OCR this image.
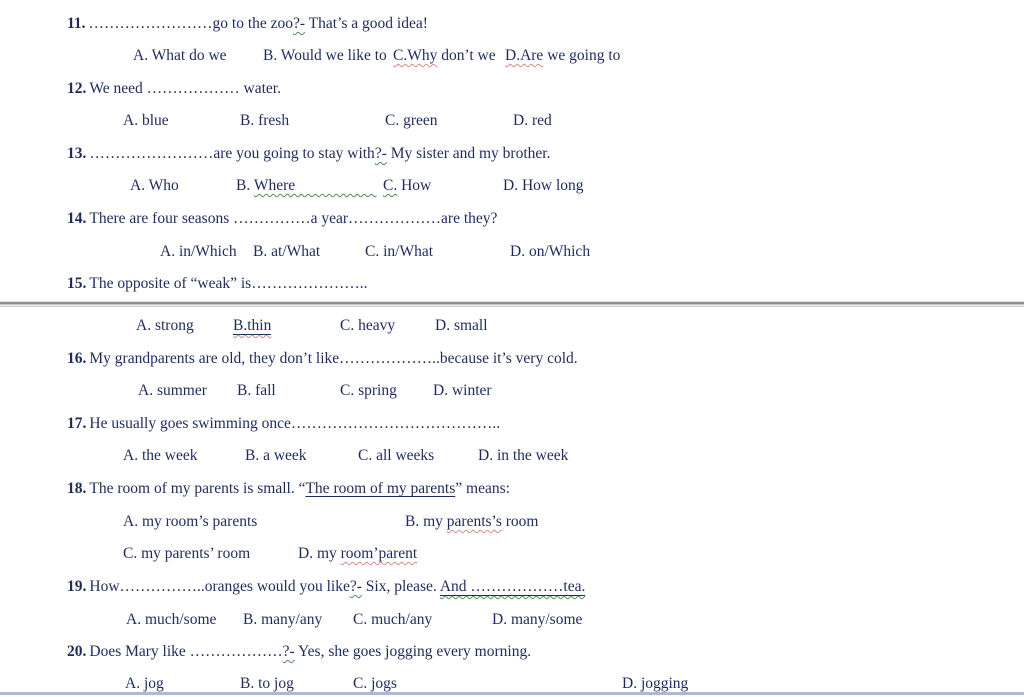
11. ……………………go to the zoo?- That’s a good idea!
A. What do we B. Would we like to C.Why don’t we D.Are we going to
12. We need ……………… water.
A. blue	B. fresh	C. green	D. red
13. ……………………are you going to stay with?- My sister and my brother.
A. Who	B. Where C. How	D. How long
14. There are four seasons ……………a year………………are they?
A. in/Which B. at/What	C. in/What	D. on/Which
15. The opposite of “weak” is…………………..
A. strong	B.thin	C. heavy	D. small
16. My grandparents are old, they don’t like………………..because it’s very cold.
A. summer B. fall	C. spring D. winter
17. He usually goes swimming once…………………………………..
A. the week	B. a week	C. all weeks	D. in the week
18. The room of my parents is small. “The room of my parents” means:
A. my room’s parents	B. my parents’s room
C. my parents’ room	D. my room’parent
19. How……………..oranges would you like?- Six, please. And ………………tea.
A. much/some B. many/any C. much/any	D. many/some
20. Does Mary like ………………?- Yes, she goes jogging every morning.
A. jog	B. to jog	C. jogs	D. jogging
